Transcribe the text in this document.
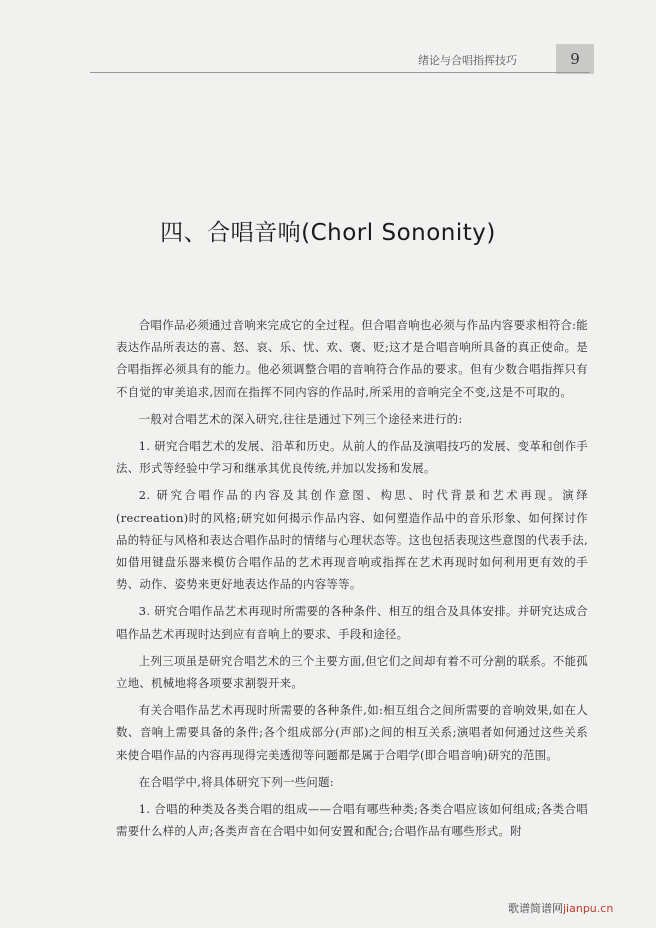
绪论与合唱指挥技巧	9
四、合唱音响(Chorl Sononity)

合唱作品必须通过音响来完成它的全过程。但合唱音响也必须与作品内容要求相符合:能表达作品所表达的喜、怒、哀、乐、忧、欢、褒、贬;这才是合唱音响所具备的真正使命。是合唱指挥必须具有的能力。他必须调整合唱的音响符合作品的要求。但有少数合唱指挥只有不自觉的审美追求,因而在指挥不同内容的作品时,所采用的音响完全不变,这是不可取的。

一般对合唱艺术的深入研究,往往是通过下列三个途径来进行的:

1. 研究合唱艺术的发展、沿革和历史。从前人的作品及演唱技巧的发展、变革和创作手法、形式等经验中学习和继承其优良传统,并加以发扬和发展。

2. 研究合唱作品的内容及其创作意图、构思、时代背景和艺术再现。演绎(recreation)时的风格;研究如何揭示作品内容、如何塑造作品中的音乐形象、如何探讨作品的特征与风格和表达合唱作品时的情绪与心理状态等。这也包括表现这些意图的代表手法,如借用键盘乐器来模仿合唱作品的艺术再现音响或指挥在艺术再现时如何利用更有效的手势、动作、姿势来更好地表达作品的内容等等。

3. 研究合唱作品艺术再现时所需要的各种条件、相互的组合及具体安排。并研究达成合唱作品艺术再现时达到应有音响上的要求、手段和途径。

上列三项虽是研究合唱艺术的三个主要方面,但它们之间却有着不可分割的联系。不能孤立地、机械地将各项要求割裂开来。

有关合唱作品艺术再现时所需要的各种条件,如:相互组合之间所需要的音响效果,如在人数、音响上需要具备的条件;各个组成部分(声部)之间的相互关系;演唱者如何通过这些关系来使合唱作品的内容再现得完美透彻等问题都是属于合唱学(即合唱音响)研究的范围。

在合唱学中,将具体研究下列一些问题:

1. 合唱的种类及各类合唱的组成——合唱有哪些种类;各类合唱应该如何组成;各类合唱需要什么样的人声;各类声音在合唱中如何安置和配合;合唱作品有哪些形式。附

歌谱简谱网jianpu.cn
